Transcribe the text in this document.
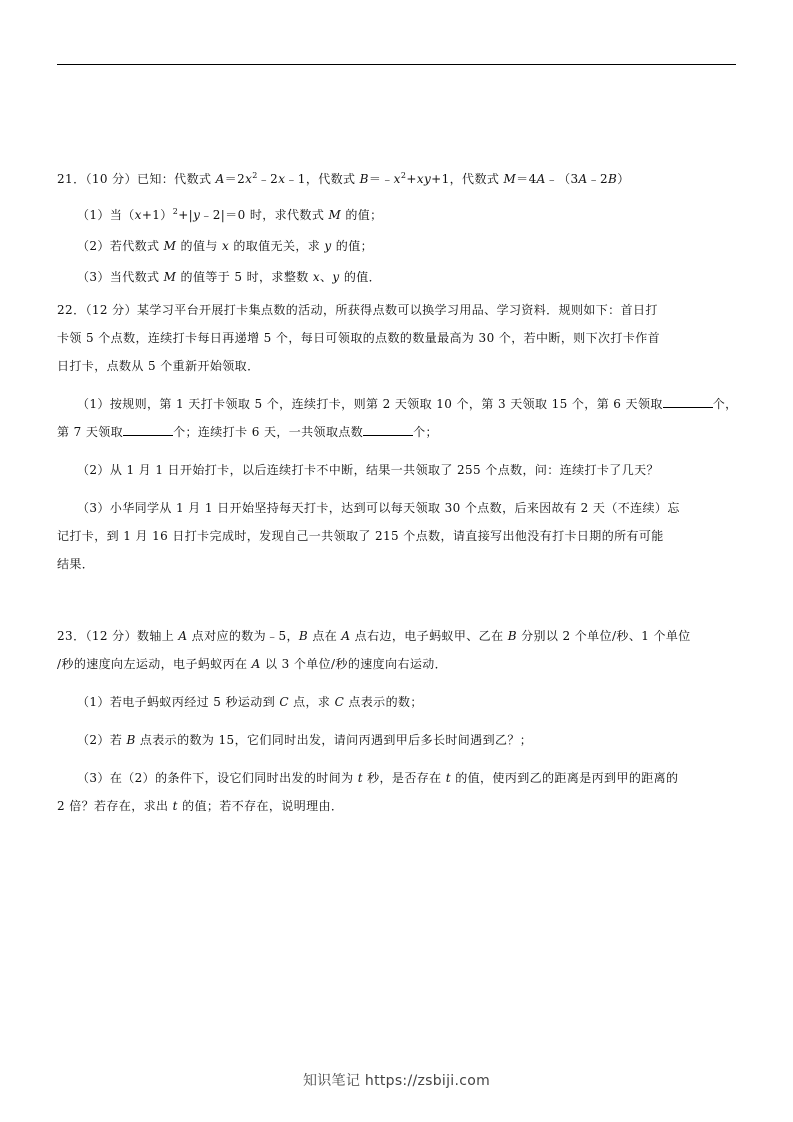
21．（10 分）已知：代数式 $A=2x^2﹣2x﹣1$，代数式 $B=﹣x^2+xy+1$，代数式 M＝4A﹣（3A﹣2B）
（1）当$(x+1)^2+|y﹣2|=0$ 时，求代数式 M 的值；
（2）若代数式 M 的值与 x 的取值无关，求 y 的值；
（3）当代数式 M 的值等于 5 时，求整数 x、y 的值．
22．（12 分）某学习平台开展打卡集点数的活动，所获得点数可以换学习用品、学习资料．规则如下：首日打
卡领 5 个点数，连续打卡每日再递增 5 个，每日可领取的点数的数量最高为 30 个，若中断，则下次打卡作首
日打卡，点数从 5 个重新开始领取．
（1）按规则，第 1 天打卡领取 5 个，连续打卡，则第 2 天领取 10 个，第 3 天领取 15 个，第 6 天领取	个，
第 7 天领取	个；连续打卡 6 天，一共领取点数	个；
（2）从 1 月 1 日开始打卡，以后连续打卡不中断，结果一共领取了 255 个点数，问：连续打卡了几天？
（3）小华同学从 1 月 1 日开始坚持每天打卡，达到可以每天领取 30 个点数，后来因故有 2 天（不连续）忘
记打卡，到 1 月 16 日打卡完成时，发现自己一共领取了 215 个点数，请直接写出他没有打卡日期的所有可能
结果．
23．（12 分）数轴上 A 点对应的数为﹣5，B 点在 A 点右边，电子蚂蚁甲、乙在 B 分别以 2 个单位/秒、1 个单位
/秒的速度向左运动，电子蚂蚁丙在 A 以 3 个单位/秒的速度向右运动．
（1）若电子蚂蚁丙经过 5 秒运动到 C 点，求 C 点表示的数；
（2）若 B 点表示的数为 15，它们同时出发，请问丙遇到甲后多长时间遇到乙？；
（3）在（2）的条件下，设它们同时出发的时间为 t 秒，是否存在 t 的值，使丙到乙的距离是丙到甲的距离的
2 倍？若存在，求出 t 的值；若不存在，说明理由．
知识笔记 https://zsbiji.com
